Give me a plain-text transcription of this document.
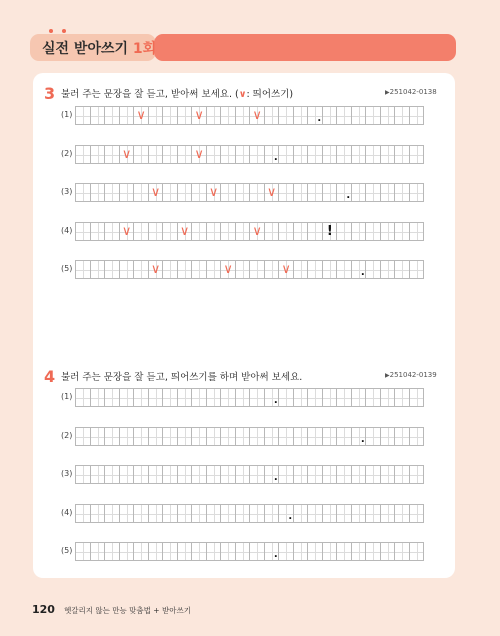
실전 받아쓰기 1회
3 불러 주는 문장을 잘 듣고, 받아써 보세요. (∨: 띄어쓰기)	▶251042-0138
(1)	∨	∨	∨	.
(2)	∨	∨	.
(3)	∨	∨	∨	.
(4)	∨	∨	∨	!
(5)	∨	∨	∨	.
4 불러 주는 문장을 잘 듣고, 띄어쓰기를 하며 받아써 보세요.	▶251042-0139
(1)	.
(2)	.
(3)	.
(4)	.
(5)	.
120 헷갈리지 않는 만능 맞춤법 + 받아쓰기
